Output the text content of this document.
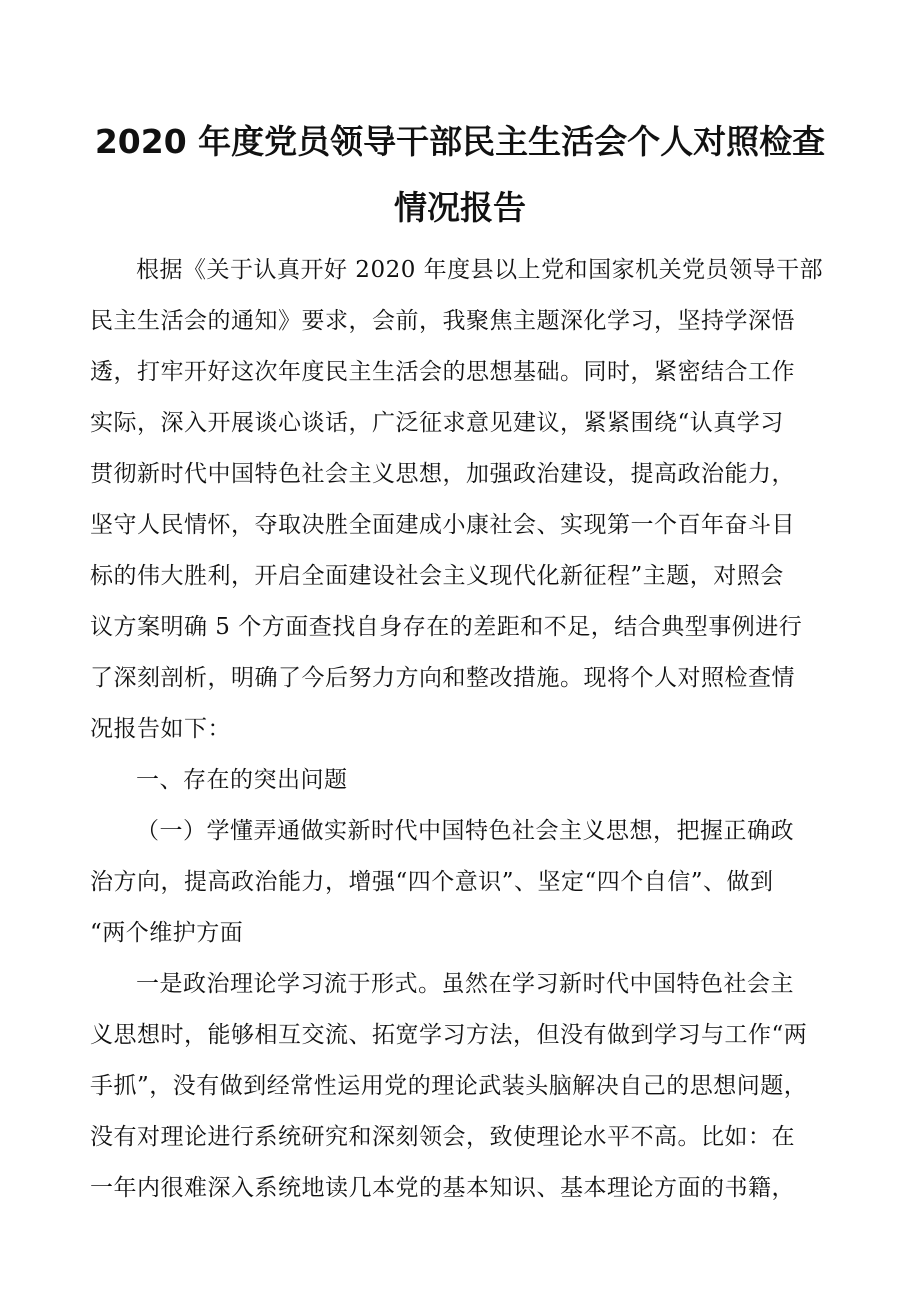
2020 年度党员领导干部民主生活会个人对照检查
情况报告
根据《关于认真开好 2020 年度县以上党和国家机关党员领导干部
民主生活会的通知》要求，会前，我聚焦主题深化学习，坚持学深悟
透，打牢开好这次年度民主生活会的思想基础。同时，紧密结合工作
实际，深入开展谈心谈话，广泛征求意见建议，紧紧围绕“认真学习
贯彻新时代中国特色社会主义思想，加强政治建设，提高政治能力，
坚守人民情怀，夺取决胜全面建成小康社会、实现第一个百年奋斗目
标的伟大胜利，开启全面建设社会主义现代化新征程”主题，对照会
议方案明确 5 个方面查找自身存在的差距和不足，结合典型事例进行
了深刻剖析，明确了今后努力方向和整改措施。现将个人对照检查情
况报告如下：
一、存在的突出问题
（一）学懂弄通做实新时代中国特色社会主义思想，把握正确政
治方向，提高政治能力，增强“四个意识”、坚定“四个自信”、做到
“两个维护方面
一是政治理论学习流于形式。虽然在学习新时代中国特色社会主
义思想时，能够相互交流、拓宽学习方法，但没有做到学习与工作“两
手抓”，没有做到经常性运用党的理论武装头脑解决自己的思想问题，
没有对理论进行系统研究和深刻领会，致使理论水平不高。比如：在
一年内很难深入系统地读几本党的基本知识、基本理论方面的书籍，
